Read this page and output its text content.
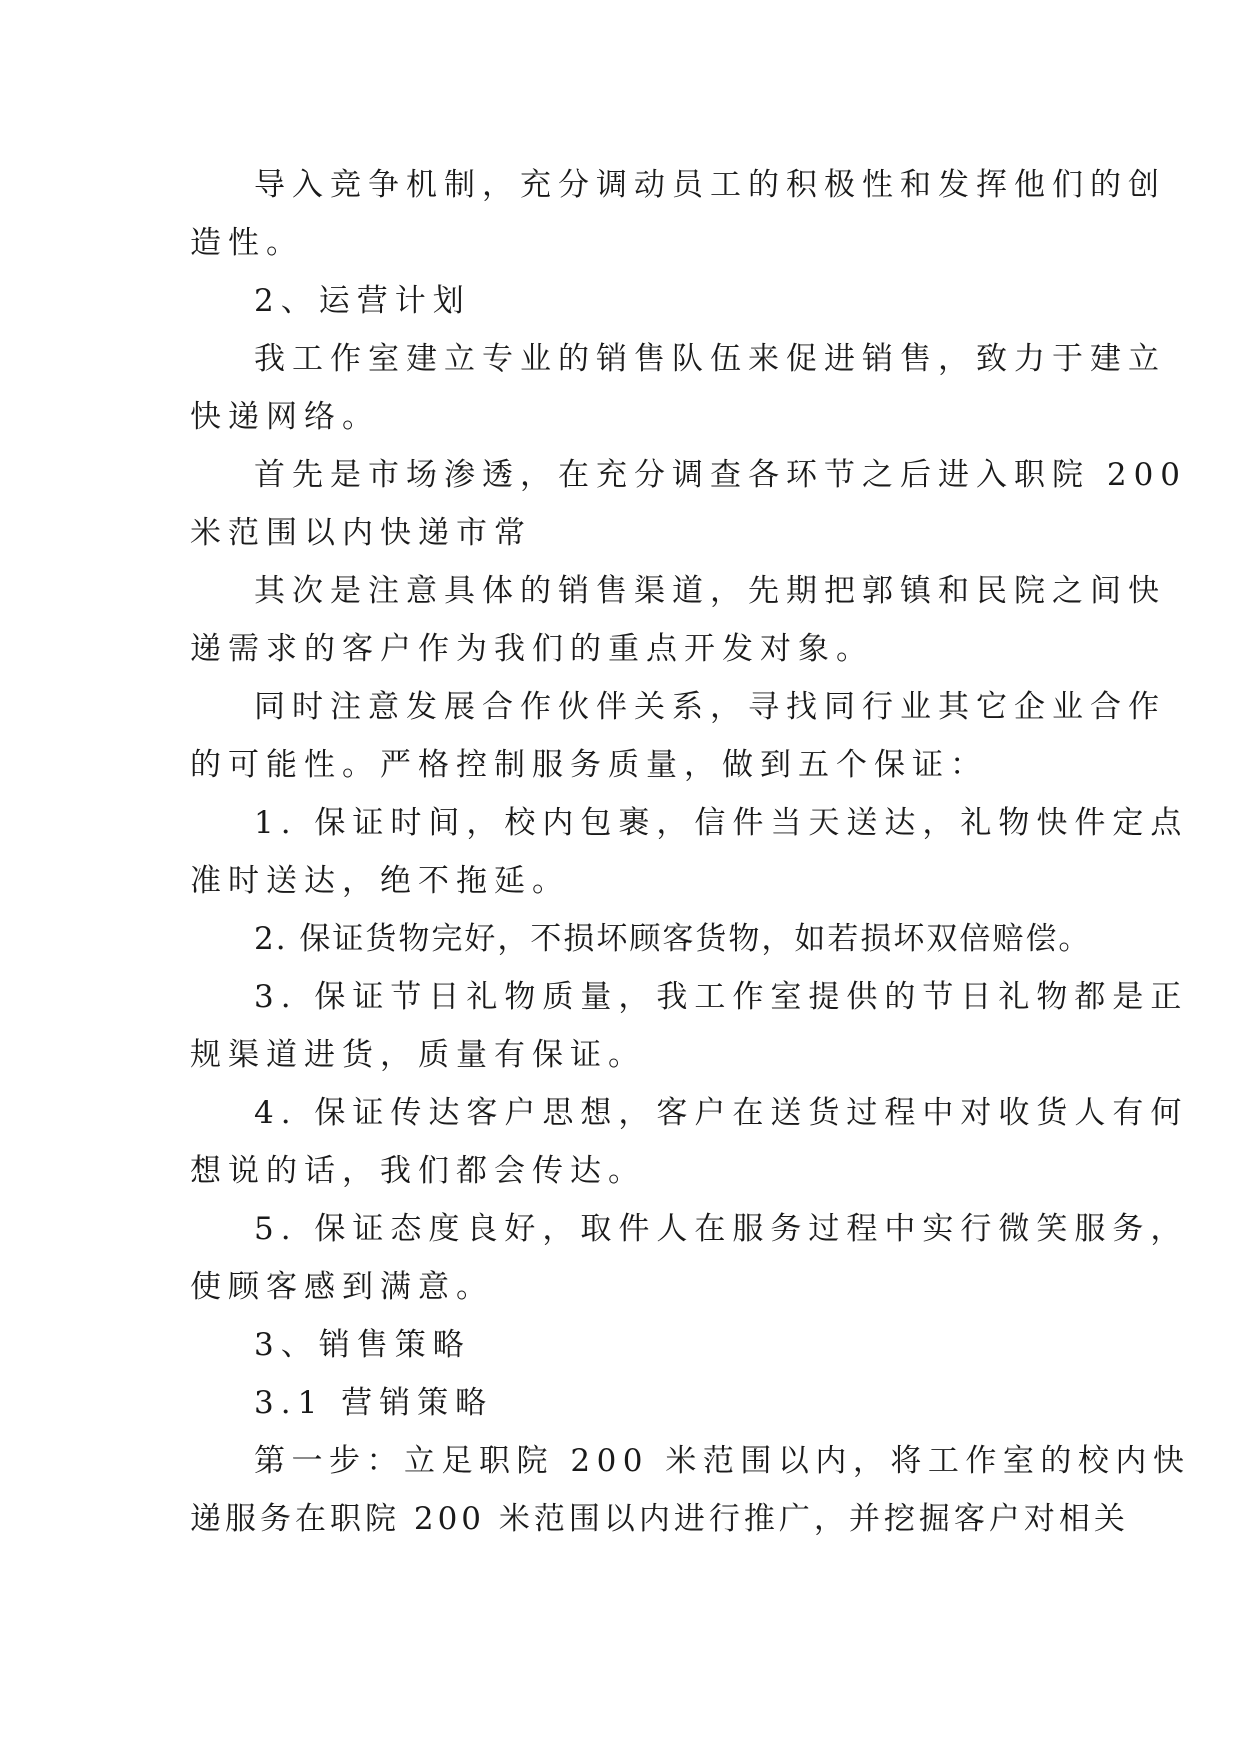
导入竞争机制，充分调动员工的积极性和发挥他们的创
造性。
2、运营计划
我工作室建立专业的销售队伍来促进销售，致力于建立
快递网络。
首先是市场渗透，在充分调查各环节之后进入职院 200
米范围以内快递市常
其次是注意具体的销售渠道，先期把郭镇和民院之间快
递需求的客户作为我们的重点开发对象。
同时注意发展合作伙伴关系，寻找同行业其它企业合作
的可能性。严格控制服务质量，做到五个保证：
1. 保证时间，校内包裹，信件当天送达，礼物快件定点
准时送达，绝不拖延。
2. 保证货物完好，不损坏顾客货物，如若损坏双倍赔偿。
3. 保证节日礼物质量，我工作室提供的节日礼物都是正
规渠道进货，质量有保证。
4. 保证传达客户思想，客户在送货过程中对收货人有何
想说的话，我们都会传达。
5. 保证态度良好，取件人在服务过程中实行微笑服务，
使顾客感到满意。
3、销售策略
3.1 营销策略
第一步：立足职院 200 米范围以内，将工作室的校内快
递服务在职院 200 米范围以内进行推广，并挖掘客户对相关
